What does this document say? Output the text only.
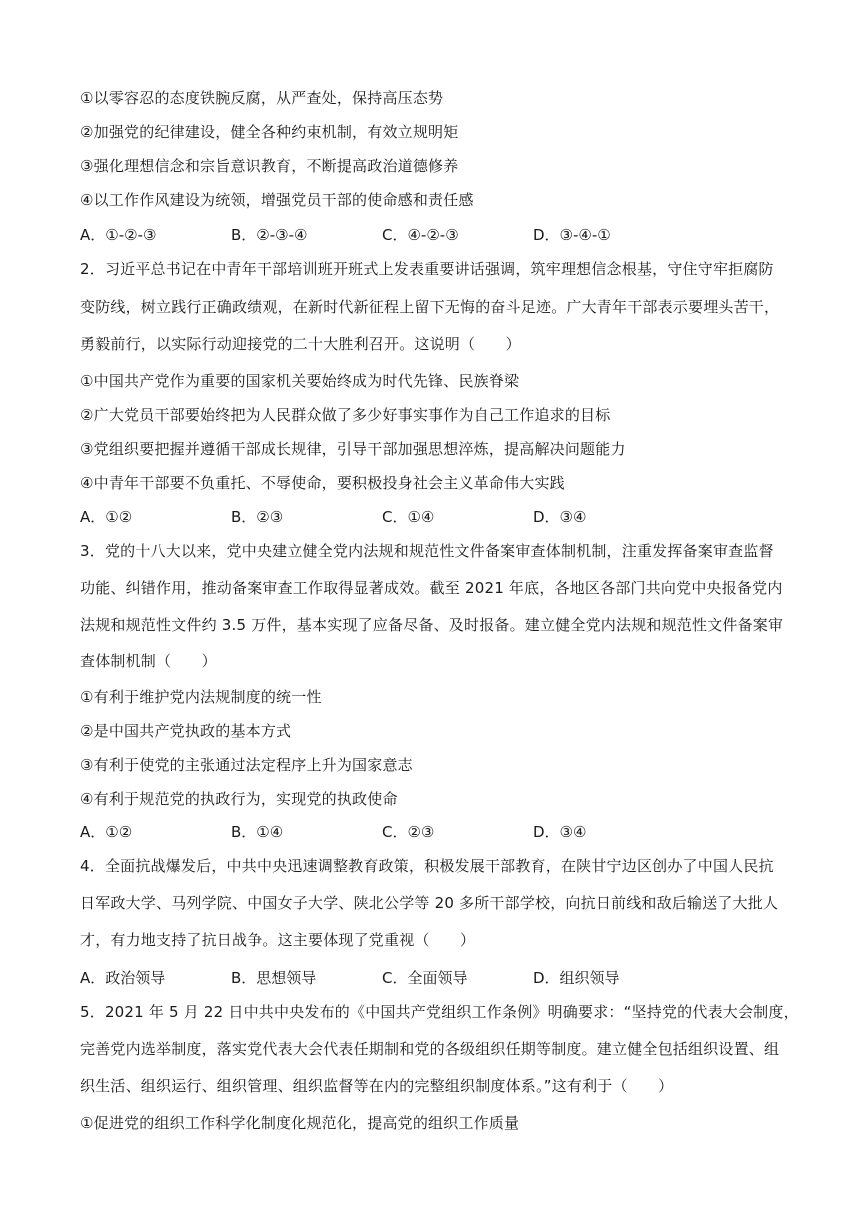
①以零容忍的态度铁腕反腐，从严查处，保持高压态势
②加强党的纪律建设，健全各种约束机制，有效立规明矩
③强化理想信念和宗旨意识教育，不断提高政治道德修养
④以工作作风建设为统领，增强党员干部的使命感和责任感
A．①-②-③	B．②-③-④	C．④-②-③	D．③-④-①
2．习近平总书记在中青年干部培训班开班式上发表重要讲话强调，筑牢理想信念根基，守住守牢拒腐防
变防线，树立践行正确政绩观，在新时代新征程上留下无悔的奋斗足迹。广大青年干部表示要埋头苦干，
勇毅前行，以实际行动迎接党的二十大胜利召开。这说明（　　）
①中国共产党作为重要的国家机关要始终成为时代先锋、民族脊梁
②广大党员干部要始终把为人民群众做了多少好事实事作为自己工作追求的目标
③党组织要把握并遵循干部成长规律，引导干部加强思想淬炼，提高解决问题能力
④中青年干部要不负重托、不辱使命，要积极投身社会主义革命伟大实践
A．①②	B．②③	C．①④	D．③④
3．党的十八大以来，党中央建立健全党内法规和规范性文件备案审查体制机制，注重发挥备案审查监督
功能、纠错作用，推动备案审查工作取得显著成效。截至 2021 年底，各地区各部门共向党中央报备党内
法规和规范性文件约 3.5 万件，基本实现了应备尽备、及时报备。建立健全党内法规和规范性文件备案审
查体制机制（　　）
①有利于维护党内法规制度的统一性
②是中国共产党执政的基本方式
③有利于使党的主张通过法定程序上升为国家意志
④有利于规范党的执政行为，实现党的执政使命
A．①②	B．①④	C．②③	D．③④
4．全面抗战爆发后，中共中央迅速调整教育政策，积极发展干部教育，在陕甘宁边区创办了中国人民抗
日军政大学、马列学院、中国女子大学、陕北公学等 20 多所干部学校，向抗日前线和敌后输送了大批人
才，有力地支持了抗日战争。这主要体现了党重视（　　）
A．政治领导	B．思想领导	C．全面领导	D．组织领导
5．2021 年 5 月 22 日中共中央发布的《中国共产党组织工作条例》明确要求：“坚持党的代表大会制度，
完善党内选举制度，落实党代表大会代表任期制和党的各级组织任期等制度。建立健全包括组织设置、组
织生活、组织运行、组织管理、组织监督等在内的完整组织制度体系。”这有利于（　　）
①促进党的组织工作科学化制度化规范化，提高党的组织工作质量
